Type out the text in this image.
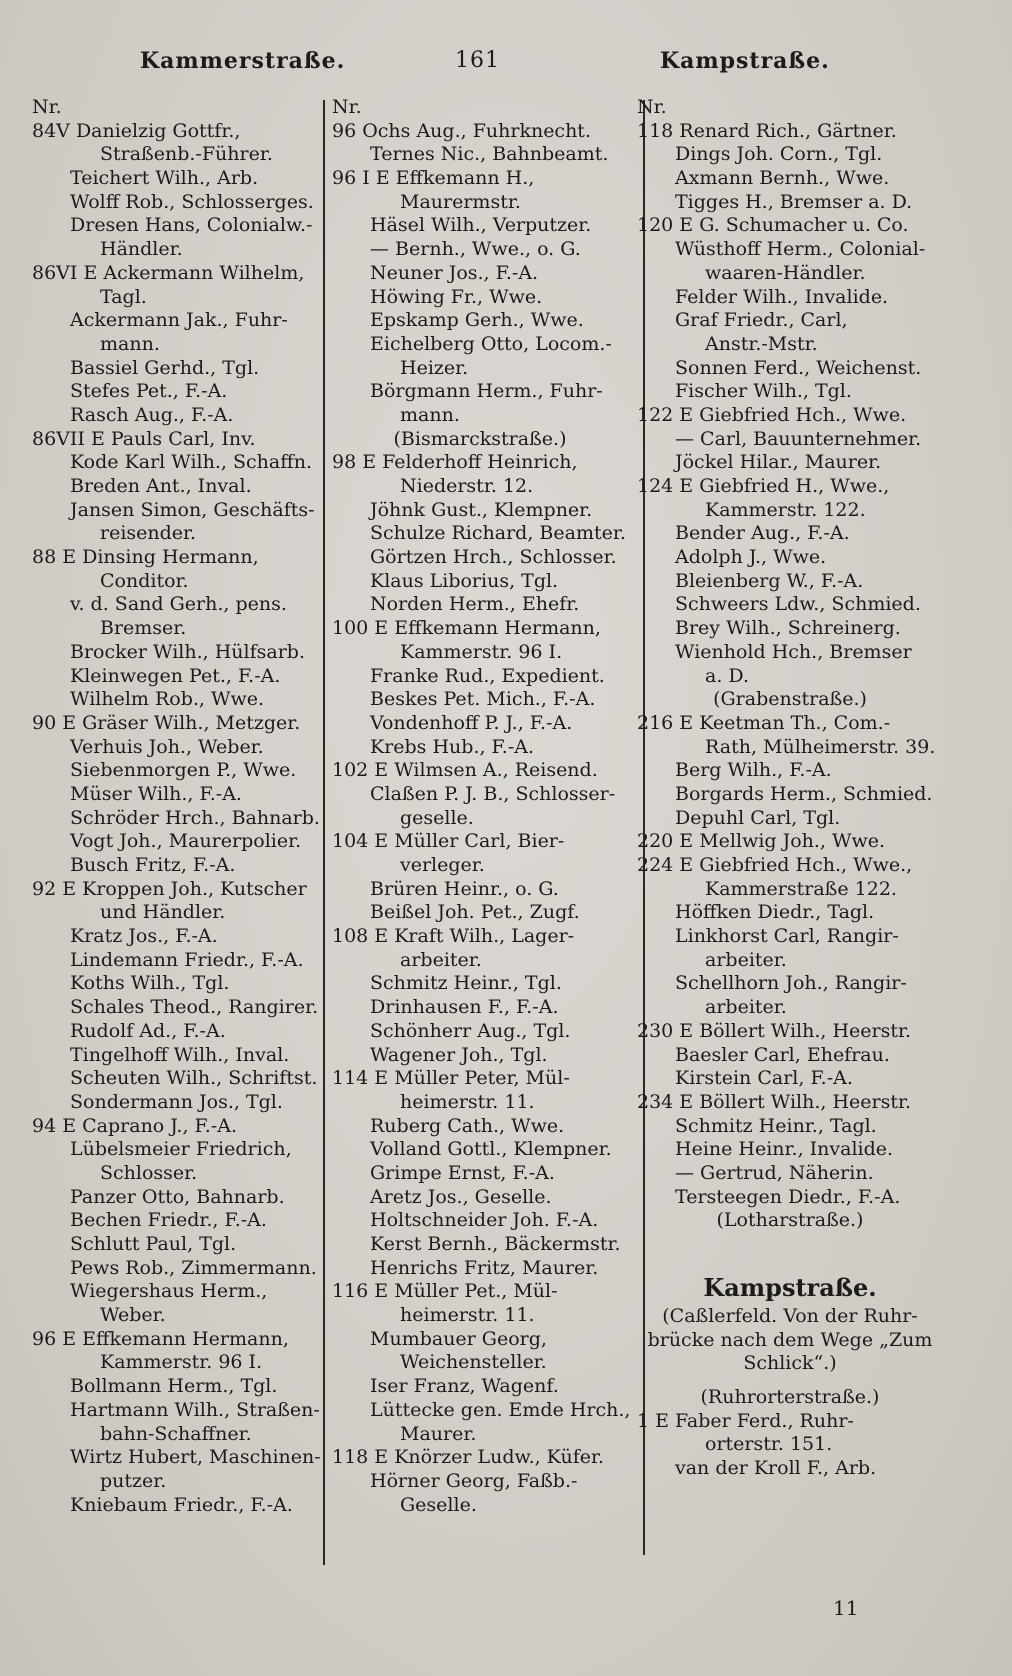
Kammerstraße.	161	Kampstraße.
Nr.
84V Danielzig Gottfr.,
Straßenb.-Führer.
Teichert Wilh., Arb.
Wolff Rob., Schlosserges.
Dresen Hans, Colonialw.-
Händler.
86VI E Ackermann Wilhelm,
Tagl.
Ackermann Jak., Fuhr-
mann.
Bassiel Gerhd., Tgl.
Stefes Pet., F.-A.
Rasch Aug., F.-A.
86VII E Pauls Carl, Inv.
Kode Karl Wilh., Schaffn.
Breden Ant., Inval.
Jansen Simon, Geschäfts-
reisender.
88 E Dinsing Hermann,
Conditor.
v. d. Sand Gerh., pens.
Bremser.
Brocker Wilh., Hülfsarb.
Kleinwegen Pet., F.-A.
Wilhelm Rob., Wwe.
90 E Gräser Wilh., Metzger.
Verhuis Joh., Weber.
Siebenmorgen P., Wwe.
Müser Wilh., F.-A.
Schröder Hrch., Bahnarb.
Vogt Joh., Maurerpolier.
Busch Fritz, F.-A.
92 E Kroppen Joh., Kutscher
und Händler.
Kratz Jos., F.-A.
Lindemann Friedr., F.-A.
Koths Wilh., Tgl.
Schales Theod., Rangirer.
Rudolf Ad., F.-A.
Tingelhoff Wilh., Inval.
Scheuten Wilh., Schriftst.
Sondermann Jos., Tgl.
94 E Caprano J., F.-A.
Lübelsmeier Friedrich,
Schlosser.
Panzer Otto, Bahnarb.
Bechen Friedr., F.-A.
Schlutt Paul, Tgl.
Pews Rob., Zimmermann.
Wiegershaus Herm.,
Weber.
96 E Effkemann Hermann,
Kammerstr. 96 I.
Bollmann Herm., Tgl.
Hartmann Wilh., Straßen-
bahn-Schaffner.
Wirtz Hubert, Maschinen-
putzer.
Kniebaum Friedr., F.-A.
Nr.
96 Ochs Aug., Fuhrknecht.
Ternes Nic., Bahnbeamt.
96 I E Effkemann H.,
Maurermstr.
Häsel Wilh., Verputzer.
— Bernh., Wwe., o. G.
Neuner Jos., F.-A.
Höwing Fr., Wwe.
Epskamp Gerh., Wwe.
Eichelberg Otto, Locom.-
Heizer.
Börgmann Herm., Fuhr-
mann.
(Bismarckstraße.)
98 E Felderhoff Heinrich,
Niederstr. 12.
Jöhnk Gust., Klempner.
Schulze Richard, Beamter.
Görtzen Hrch., Schlosser.
Klaus Liborius, Tgl.
Norden Herm., Ehefr.
100 E Effkemann Hermann,
Kammerstr. 96 I.
Franke Rud., Expedient.
Beskes Pet. Mich., F.-A.
Vondenhoff P. J., F.-A.
Krebs Hub., F.-A.
102 E Wilmsen A., Reisend.
Claßen P. J. B., Schlosser-
geselle.
104 E Müller Carl, Bier-
verleger.
Brüren Heinr., o. G.
Beißel Joh. Pet., Zugf.
108 E Kraft Wilh., Lager-
arbeiter.
Schmitz Heinr., Tgl.
Drinhausen F., F.-A.
Schönherr Aug., Tgl.
Wagener Joh., Tgl.
114 E Müller Peter, Mül-
heimerstr. 11.
Ruberg Cath., Wwe.
Volland Gottl., Klempner.
Grimpe Ernst, F.-A.
Aretz Jos., Geselle.
Holtschneider Joh. F.-A.
Kerst Bernh., Bäckermstr.
Henrichs Fritz, Maurer.
116 E Müller Pet., Mül-
heimerstr. 11.
Mumbauer Georg,
Weichensteller.
Iser Franz, Wagenf.
Lüttecke gen. Emde Hrch.,
Maurer.
118 E Knörzer Ludw., Küfer.
Hörner Georg, Faßb.-
Geselle.
Nr.
118 Renard Rich., Gärtner.
Dings Joh. Corn., Tgl.
Axmann Bernh., Wwe.
Tigges H., Bremser a. D.
120 E G. Schumacher u. Co.
Wüsthoff Herm., Colonial-
waaren-Händler.
Felder Wilh., Invalide.
Graf Friedr., Carl,
Anstr.-Mstr.
Sonnen Ferd., Weichenst.
Fischer Wilh., Tgl.
122 E Giebfried Hch., Wwe.
— Carl, Bauunternehmer.
Jöckel Hilar., Maurer.
124 E Giebfried H., Wwe.,
Kammerstr. 122.
Bender Aug., F.-A.
Adolph J., Wwe.
Bleienberg W., F.-A.
Schweers Ldw., Schmied.
Brey Wilh., Schreinerg.
Wienhold Hch., Bremser
a. D.
(Grabenstraße.)
216 E Keetman Th., Com.-
Rath, Mülheimerstr. 39.
Berg Wilh., F.-A.
Borgards Herm., Schmied.
Depuhl Carl, Tgl.
220 E Mellwig Joh., Wwe.
224 E Giebfried Hch., Wwe.,
Kammerstraße 122.
Höffken Diedr., Tagl.
Linkhorst Carl, Rangir-
arbeiter.
Schellhorn Joh., Rangir-
arbeiter.
230 E Böllert Wilh., Heerstr.
Baesler Carl, Ehefrau.
Kirstein Carl, F.-A.
234 E Böllert Wilh., Heerstr.
Schmitz Heinr., Tagl.
Heine Heinr., Invalide.
— Gertrud, Näherin.
Tersteegen Diedr., F.-A.
(Lotharstraße.)
Kampstraße.
(Caßlerfeld. Von der Ruhr-
brücke nach dem Wege „Zum
Schlick“.)
(Ruhrorterstraße.)
1 E Faber Ferd., Ruhr-
orterstr. 151.
van der Kroll F., Arb.
11
